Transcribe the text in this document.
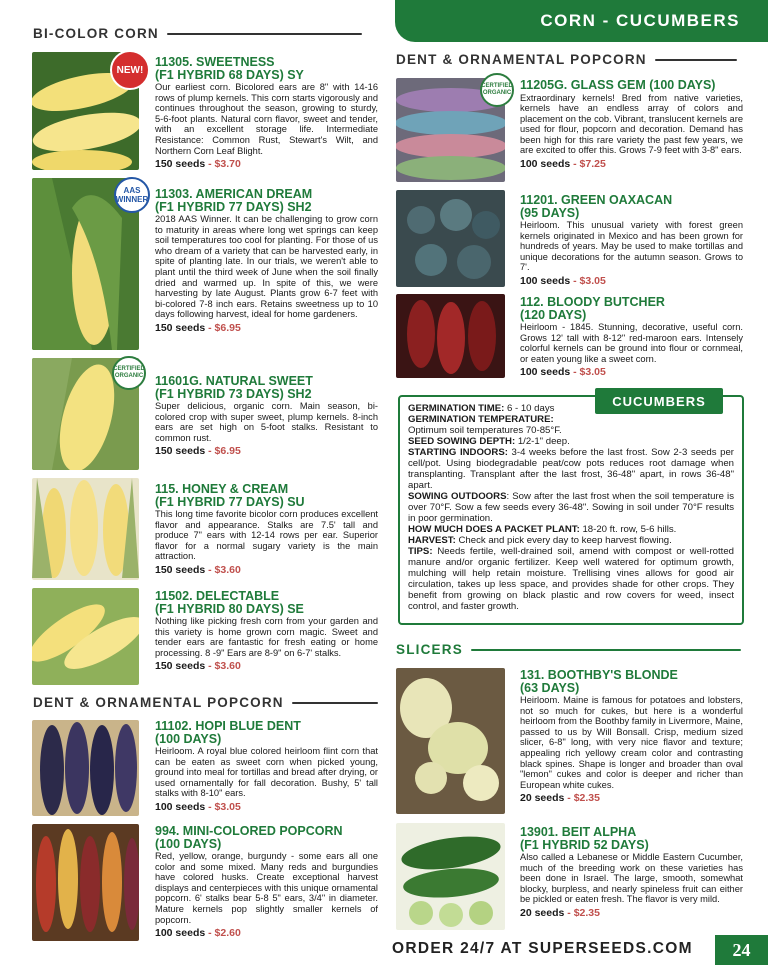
CORN - CUCUMBERS
BI-COLOR CORN
DENT & ORNAMENTAL POPCORN
DENT & ORNAMENTAL POPCORN
SLICERS
NEW!
AAS WINNER
CERTIFIED ORGANIC
CERTIFIED ORGANIC
11305. SWEETNESS
(F1 HYBRID 68 DAYS) SY
Our earliest corn. Bicolored ears are 8" with 14-16 rows of plump kernels. This corn starts vigorously and continues throughout the season, growing to sturdy, 5-6-foot plants. Natural corn flavor, sweet and tender, with an excellent storage life. Intermediate Resistance: Common Rust, Stewart's Wilt, and Northern Corn Leaf Blight.
150 seeds - $3.70
11303. AMERICAN DREAM
(F1 HYBRID 77 DAYS) SH2
2018 AAS Winner. It can be challenging to grow corn to maturity in areas where long wet springs can keep soil temperatures too cool for planting. For those of us who dream of a variety that can be harvested early, in spite of planting late. In our trials, we weren't able to plant until the third week of June when the soil finally dried and warmed up. In spite of this, we were harvesting by late August. Plants grow 6-7 feet with bi-colored 7-8 inch ears. Retains sweetness up to 10 days following harvest, ideal for home gardeners.
150 seeds - $6.95
11601G. NATURAL SWEET
(F1 HYBRID 73 DAYS) SH2
Super delicious, organic corn. Main season, bi-colored crop with super sweet, plump kernels. 8-inch ears are set high on 5-foot stalks. Resistant to common rust.
150 seeds - $6.95
115. HONEY & CREAM
(F1 HYBRID 77 DAYS) SU
This long time favorite bicolor corn produces excellent flavor and appearance. Stalks are 7.5' tall and produce 7" ears with 12-14 rows per ear. Superior flavor for a normal sugary variety is the main attraction.
150 seeds - $3.60
11502. DELECTABLE
(F1 HYBRID 80 DAYS) SE
Nothing like picking fresh corn from your garden and this variety is home grown corn magic. Sweet and tender ears are fantastic for fresh eating or home processing. 8 -9" Ears are 8-9" on 6-7' stalks.
150 seeds - $3.60
11102. HOPI BLUE DENT
(100 DAYS)
Heirloom. A royal blue colored heirloom flint corn that can be eaten as sweet corn when picked young, ground into meal for tortillas and bread after drying, or used ornamentally for fall decoration. Bushy, 5' tall stalks with 8-10" ears.
100 seeds - $3.05
994. MINI-COLORED POPCORN
(100 DAYS)
Red, yellow, orange, burgundy - some ears all one color and some mixed. Many reds and burgundies have colored husks. Create exceptional harvest displays and centerpieces with this unique ornamental popcorn. 6' stalks bear 5-8 5" ears, 3/4" in diameter. Mature kernels pop slightly smaller kernels of popcorn.
100 seeds - $2.60
11205G. GLASS GEM (100 DAYS)
Extraordinary kernels! Bred from native varieties, kernels have an endless array of colors and placement on the cob. Vibrant, translucent kernels are used for flour, popcorn and decoration. Demand has been high for this rare variety the past few years, we are excited to offer this. Grows 7-9 feet with 3-8" ears.
100 seeds - $7.25
11201. GREEN OAXACAN
(95 DAYS)
Heirloom. This unusual variety with forest green kernels originated in Mexico and has been grown for hundreds of years. May be used to make tortillas and unique decorations for the autumn season. Grows to 7'.
100 seeds - $3.05
112. BLOODY BUTCHER
(120 DAYS)
Heirloom - 1845. Stunning, decorative, useful corn. Grows 12' tall with 8-12" red-maroon ears. Intensely colorful kernels can be ground into flour or cornmeal, or eaten young like a sweet corn.
100 seeds - $3.05
GERMINATION TIME: 6 - 10 days
GERMINATION TEMPERATURE:
Optimum soil temperatures 70-85°F.
SEED SOWING DEPTH: 1/2-1" deep.
STARTING INDOORS: 3-4 weeks before the last frost. Sow 2-3 seeds per cell/pot. Using biodegradable peat/cow pots reduces root damage when transplanting. Transplant after the last frost, 36-48" apart, in rows 36-48" apart.
SOWING OUTDOORS: Sow after the last frost when the soil temperature is over 70°F. Sow a few seeds every 36-48". Sowing in soil under 70°F results in poor germination.
HOW MUCH DOES A PACKET PLANT: 18-20 ft. row, 5-6 hills.
HARVEST: Check and pick every day to keep harvest flowing.
TIPS: Needs fertile, well-drained soil, amend with compost or well-rotted manure and/or organic fertilizer. Keep well watered for optimum growth, mulching will help retain moisture. Trellising vines allows for good air circulation, takes up less space, and provides shade for other crops. They benefit from growing on black plastic and row covers for weed, insect control, and faster growth.
CUCUMBERS
131. BOOTHBY'S BLONDE
(63 DAYS)
Heirloom. Maine is famous for potatoes and lobsters, not so much for cukes, but here is a wonderful heirloom from the Boothby family in Livermore, Maine, passed to us by Will Bonsall. Crisp, medium sized slicer, 6-8" long, with very nice flavor and texture; appealing rich yellowy cream color and contrasting black spines. Shape is longer and broader than oval "lemon" cukes and color is deeper and richer than European white cukes.
20 seeds - $2.35
13901. BEIT ALPHA
(F1 HYBRID 52 DAYS)
Also called a Lebanese or Middle Eastern Cucumber, much of the breeding work on these varieties has been done in Israel. The large, smooth, somewhat blocky, burpless, and nearly spineless fruit can either be pickled or eaten fresh. The flavor is very mild.
20 seeds - $2.35
ORDER 24/7 AT SUPERSEEDS.COM 24
